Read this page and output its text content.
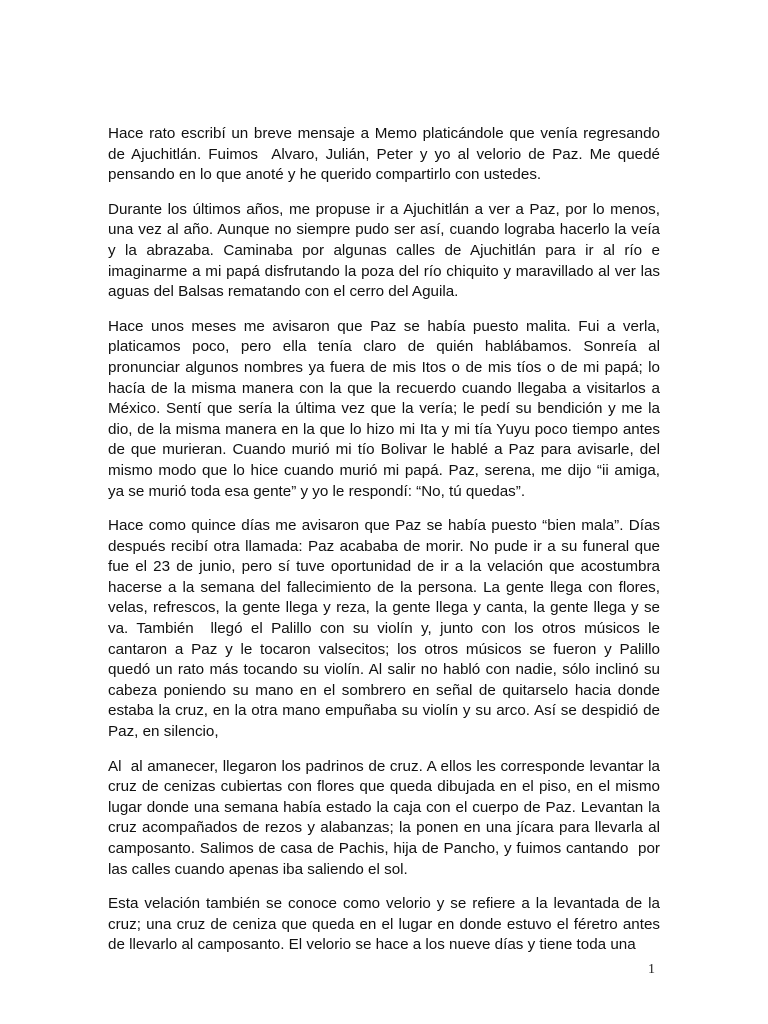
Hace rato escribí un breve mensaje a Memo platicándole que venía regresando de Ajuchitlán. Fuimos  Alvaro, Julián, Peter y yo al velorio de Paz. Me quedé pensando en lo que anoté y he querido compartirlo con ustedes.

Durante los últimos años, me propuse ir a Ajuchitlán a ver a Paz, por lo menos, una vez al año. Aunque no siempre pudo ser así, cuando lograba hacerlo la veía y la abrazaba. Caminaba por algunas calles de Ajuchitlán para ir al río e imaginarme a mi papá disfrutando la poza del río chiquito y maravillado al ver las aguas del Balsas rematando con el cerro del Aguila.

Hace unos meses me avisaron que Paz se había puesto malita. Fui a verla, platicamos poco, pero ella tenía claro de quién hablábamos. Sonreía al pronunciar algunos nombres ya fuera de mis Itos o de mis tíos o de mi papá; lo hacía de la misma manera con la que la recuerdo cuando llegaba a visitarlos a México. Sentí que sería la última vez que la vería; le pedí su bendición y me la dio, de la misma manera en la que lo hizo mi Ita y mi tía Yuyu poco tiempo antes de que murieran. Cuando murió mi tío Bolivar le hablé a Paz para avisarle, del mismo modo que lo hice cuando murió mi papá. Paz, serena, me dijo “ii amiga, ya se murió toda esa gente” y yo le respondí: “No, tú quedas”.

Hace como quince días me avisaron que Paz se había puesto “bien mala”. Días después recibí otra llamada: Paz acababa de morir. No pude ir a su funeral que fue el 23 de junio, pero sí tuve oportunidad de ir a la velación que acostumbra hacerse a la semana del fallecimiento de la persona. La gente llega con flores, velas, refrescos, la gente llega y reza, la gente llega y canta, la gente llega y se va. También  llegó el Palillo con su violín y, junto con los otros músicos le cantaron a Paz y le tocaron valsecitos; los otros músicos se fueron y Palillo quedó un rato más tocando su violín. Al salir no habló con nadie, sólo inclinó su cabeza poniendo su mano en el sombrero en señal de quitarselo hacia donde estaba la cruz, en la otra mano empuñaba su violín y su arco. Así se despidió de Paz, en silencio,

Al  al amanecer, llegaron los padrinos de cruz. A ellos les corresponde levantar la cruz de cenizas cubiertas con flores que queda dibujada en el piso, en el mismo lugar donde una semana había estado la caja con el cuerpo de Paz. Levantan la cruz acompañados de rezos y alabanzas; la ponen en una jícara para llevarla al camposanto. Salimos de casa de Pachis, hija de Pancho, y fuimos cantando  por las calles cuando apenas iba saliendo el sol.

Esta velación también se conoce como velorio y se refiere a la levantada de la cruz; una cruz de ceniza que queda en el lugar en donde estuvo el féretro antes de llevarlo al camposanto. El velorio se hace a los nueve días y tiene toda una

1
